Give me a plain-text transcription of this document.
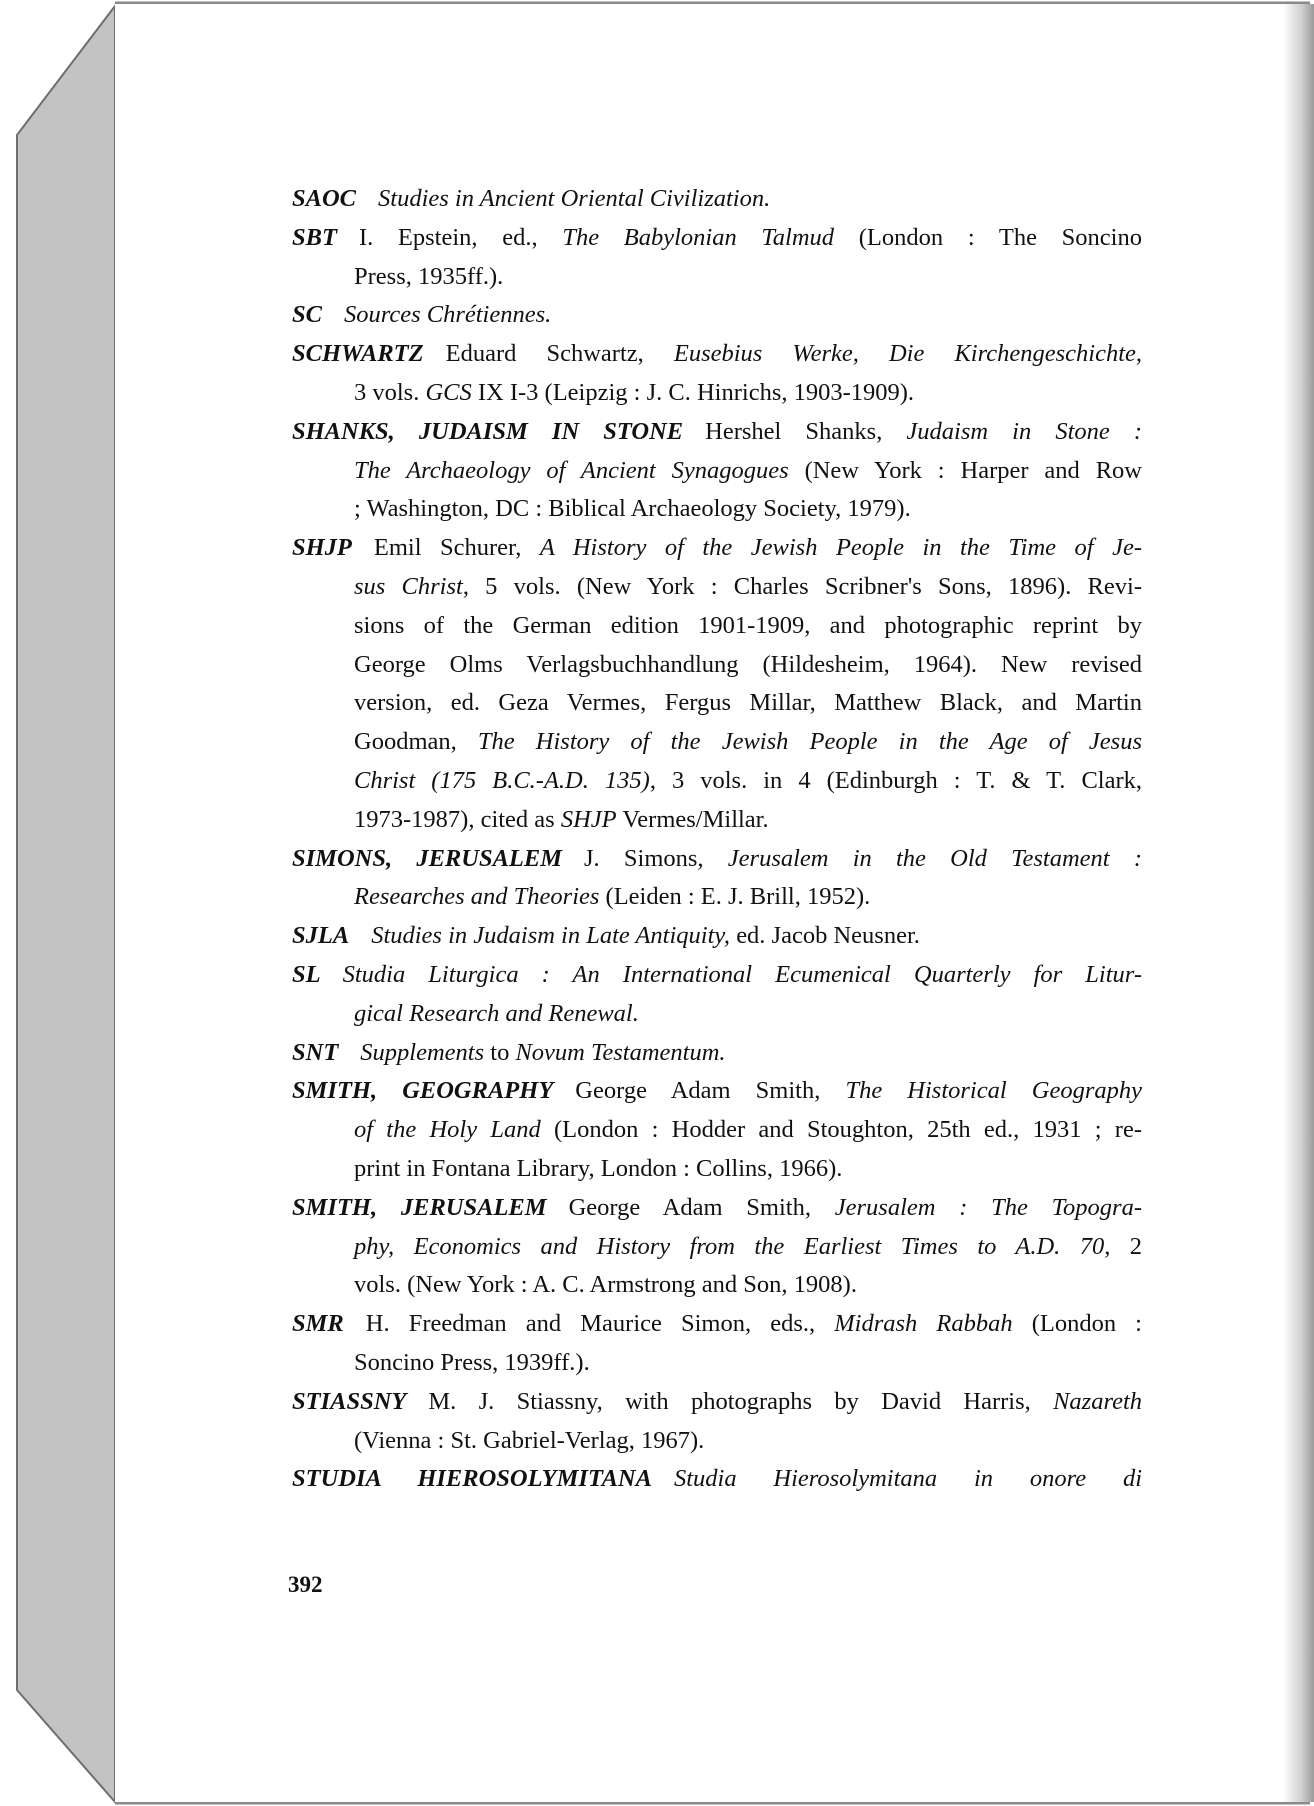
SAOC Studies in Ancient Oriental Civilization.
SBT I. Epstein, ed., The Babylonian Talmud (London : The Soncino
Press, 1935ff.).
SC Sources Chrétiennes.
SCHWARTZ Eduard Schwartz, Eusebius Werke, Die Kirchengeschichte,
3 vols. GCS IX I-3 (Leipzig : J. C. Hinrichs, 1903-1909).
SHANKS, JUDAISM IN STONE Hershel Shanks, Judaism in Stone :
The Archaeology of Ancient Synagogues (New York : Harper and Row
; Washington, DC : Biblical Archaeology Society, 1979).
SHJP Emil Schurer, A History of the Jewish People in the Time of Je-
sus Christ, 5 vols. (New York : Charles Scribner's Sons, 1896). Revi-
sions of the German edition 1901-1909, and photographic reprint by
George Olms Verlagsbuchhandlung (Hildesheim, 1964). New revised
version, ed. Geza Vermes, Fergus Millar, Matthew Black, and Martin
Goodman, The History of the Jewish People in the Age of Jesus
Christ (175 B.C.-A.D. 135), 3 vols. in 4 (Edinburgh : T. & T. Clark,
1973-1987), cited as SHJP Vermes/Millar.
SIMONS, JERUSALEM J. Simons, Jerusalem in the Old Testament :
Researches and Theories (Leiden : E. J. Brill, 1952).
SJLA Studies in Judaism in Late Antiquity, ed. Jacob Neusner.
SL Studia Liturgica : An International Ecumenical Quarterly for Litur-
gical Research and Renewal.
SNT Supplements to Novum Testamentum.
SMITH, GEOGRAPHY George Adam Smith, The Historical Geography
of the Holy Land (London : Hodder and Stoughton, 25th ed., 1931 ; re-
print in Fontana Library, London : Collins, 1966).
SMITH, JERUSALEM George Adam Smith, Jerusalem : The Topogra-
phy, Economics and History from the Earliest Times to A.D. 70, 2
vols. (New York : A. C. Armstrong and Son, 1908).
SMR H. Freedman and Maurice Simon, eds., Midrash Rabbah (London :
Soncino Press, 1939ff.).
STIASSNY M. J. Stiassny, with photographs by David Harris, Nazareth
(Vienna : St. Gabriel-Verlag, 1967).
STUDIA HIEROSOLYMITANA Studia Hierosolymitana in onore di
392
